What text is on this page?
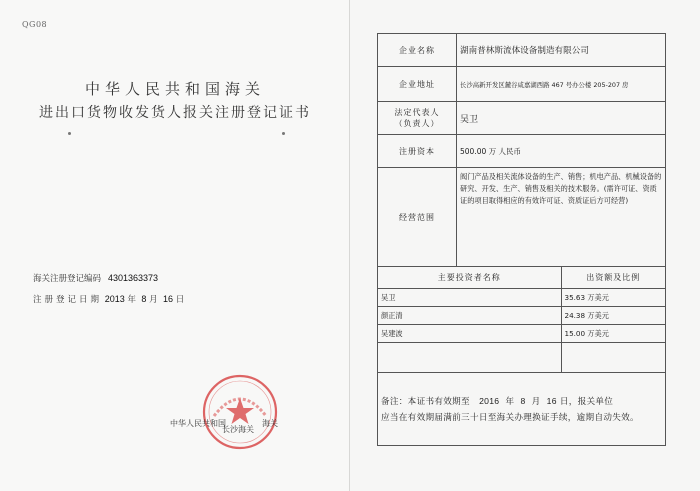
QG08
中华人民共和国海关
进出口货物收发货人报关注册登记证书
海关注册登记编码 4301363373
注册登记日期 2013 年 8 月 16 日
中华人民共和国	海关
长沙海关
企业名称	湖南普林斯流体设备制造有限公司	
企业地址	长沙高新开发区麓谷咸嘉湖西路 467 号办公楼 205-207 房	

法定代表人
（负责人）	吴卫	
注册资本	500.00 万 人民币	
经营范围	阀门产品及相关流体设备的生产、销售；机电产品、机械设备的研究、开发、生产、销售及相关的技术服务。(需许可证、资质证的项目取得相应的有效许可证、资质证后方可经营)	

主要投资者名称		出资额及比例
吴卫		35.63 万美元
颜正清		24.38 万美元
吴建波		15.00 万美元

备注：本证书有效期至 2016 年 8 月 16 日，报关单位
应当在有效期届满前三十日至海关办理换证手续，逾期自动失效。		
